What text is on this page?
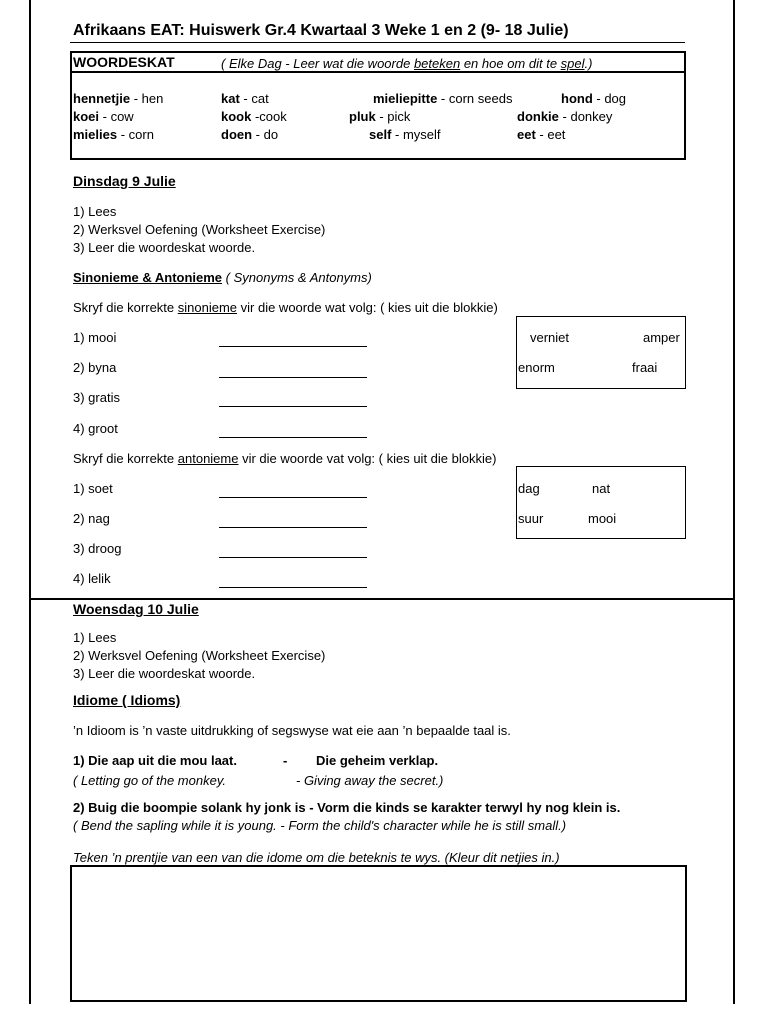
Afrikaans EAT: Huiswerk Gr.4 Kwartaal 3 Weke 1 en 2 (9- 18 Julie)
WOORDESKAT	( Elke Dag - Leer wat die woorde beteken en hoe om dit te spel.)
hennetjie - hen	kat - cat	mieliepitte - corn seeds	hond - dog
koei - cow	kook -cook	pluk - pick	donkie - donkey
mielies - corn	doen - do	self - myself	eet - eet
Dinsdag 9 Julie
1) Lees
2) Werksvel Oefening (Worksheet Exercise)
3) Leer die woordeskat woorde.
Sinonieme & Antonieme ( Synonyms & Antonyms)
Skryf die korrekte sinonieme vir die woorde wat volg: ( kies uit die blokkie)
1) mooi
2) byna
3) gratis
4) groot
verniet	amper
enorm	fraai
Skryf die korrekte antonieme vir die woorde vat volg: ( kies uit die blokkie)
1) soet
2) nag
3) droog
4) lelik
dag	nat
suur	mooi
Woensdag 10 Julie
1) Lees
2) Werksvel Oefening (Worksheet Exercise)
3) Leer die woordeskat woorde.
Idiome ( Idioms)
’n Idioom is ’n vaste uitdrukking of segswyse wat eie aan ’n bepaalde taal is.
1) Die aap uit die mou laat.	- Die geheim verklap.
( Letting go of the monkey.	- Giving away the secret.)
2) Buig die boompie solank hy jonk is - Vorm die kinds se karakter terwyl hy nog klein is.
( Bend the sapling while it is young. - Form the child's character while he is still small.)
Teken ’n prentjie van een van die idome om die beteknis te wys. (Kleur dit netjies in.)
